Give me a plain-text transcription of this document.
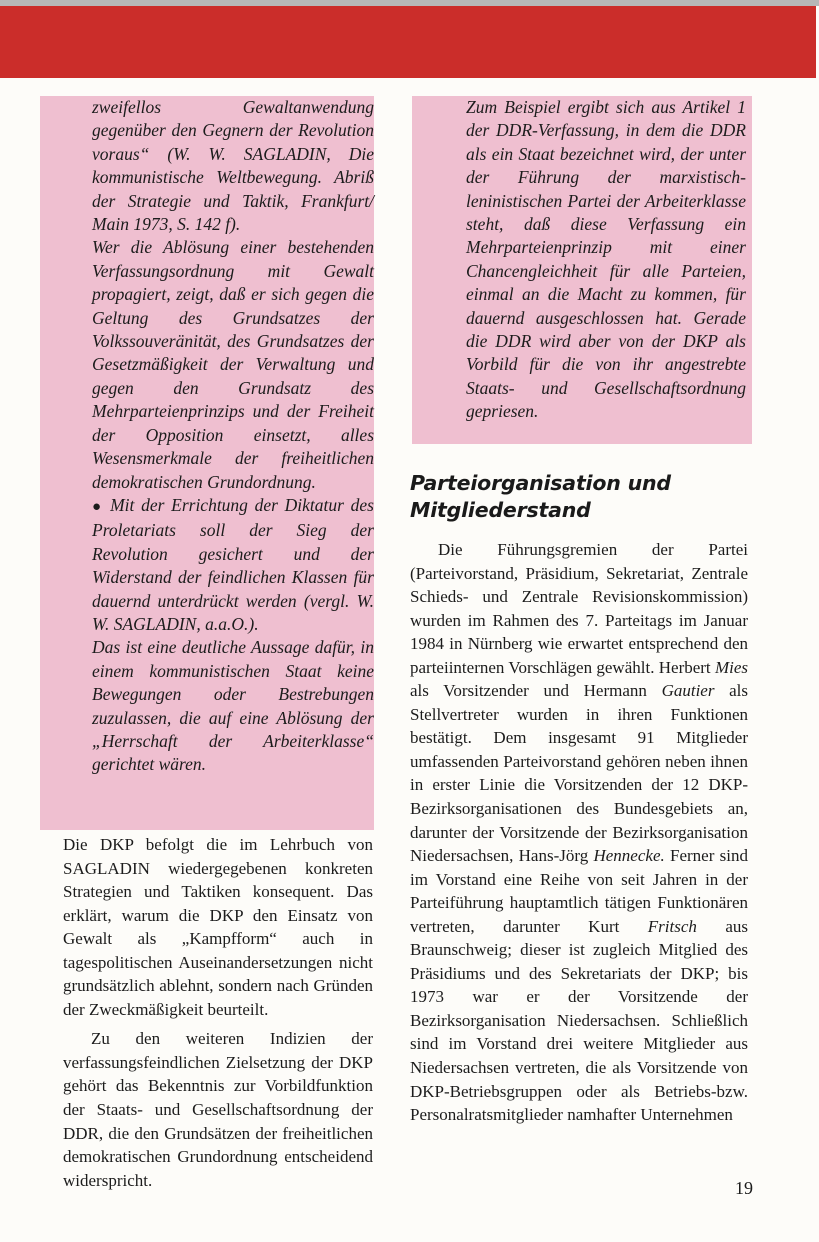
zweifellos Gewaltanwendung gegenüber den Gegnern der Revolution voraus“ (W. W. SAGLADIN, Die kommunistische Weltbewegung. Abriß der Strategie und Taktik, Frankfurt/ Main 1973, S. 142 f).

Wer die Ablösung einer bestehenden Verfassungsordnung mit Gewalt propagiert, zeigt, daß er sich gegen die Geltung des Grundsatzes der Volkssouveränität, des Grundsatzes der Gesetzmäßigkeit der Verwaltung und gegen den Grundsatz des Mehrparteienprinzips und der Freiheit der Opposition einsetzt, alles Wesensmerkmale der freiheitlichen demokratischen Grundordnung.

● Mit der Errichtung der Diktatur des Proletariats soll der Sieg der Revolution gesichert und der Widerstand der feindlichen Klassen für dauernd unterdrückt werden (vergl. W. W. SAGLADIN, a.a.O.).

Das ist eine deutliche Aussage dafür, in einem kommunistischen Staat keine Bewegungen oder Bestrebungen zuzulassen, die auf eine Ablösung der „Herrschaft der Arbeiterklasse“ gerichtet wären.

Die DKP befolgt die im Lehrbuch von SAGLADIN wiedergegebenen konkreten Strategien und Taktiken konsequent. Das erklärt, warum die DKP den Einsatz von Gewalt als „Kampfform“ auch in tagespolitischen Auseinandersetzungen nicht grundsätzlich ablehnt, sondern nach Gründen der Zweckmäßigkeit beurteilt.

Zu den weiteren Indizien der verfassungsfeindlichen Zielsetzung der DKP gehört das Bekenntnis zur Vorbildfunktion der Staats- und Gesellschaftsordnung der DDR, die den Grundsätzen der freiheitlichen demokratischen Grundordnung entscheidend widerspricht.

Zum Beispiel ergibt sich aus Artikel 1 der DDR-Verfassung, in dem die DDR als ein Staat bezeichnet wird, der unter der Führung der marxistisch-leninistischen Partei der Arbeiterklasse steht, daß diese Verfassung ein Mehrparteienprinzip mit einer Chancengleichheit für alle Parteien, einmal an die Macht zu kommen, für dauernd ausgeschlossen hat. Gerade die DDR wird aber von der DKP als Vorbild für die von ihr angestrebte Staats- und Gesellschaftsordnung gepriesen.

Parteiorganisation und Mitgliederstand

Die Führungsgremien der Partei (Parteivorstand, Präsidium, Sekretariat, Zentrale Schieds- und Zentrale Revisionskommission) wurden im Rahmen des 7. Parteitags im Januar 1984 in Nürnberg wie erwartet entsprechend den parteiinternen Vorschlägen gewählt. Herbert Mies als Vorsitzender und Hermann Gautier als Stellvertreter wurden in ihren Funktionen bestätigt. Dem insgesamt 91 Mitglieder umfassenden Parteivorstand gehören neben ihnen in erster Linie die Vorsitzenden der 12 DKP-Bezirksorganisationen des Bundesgebiets an, darunter der Vorsitzende der Bezirksorganisation Niedersachsen, Hans-Jörg Hennecke. Ferner sind im Vorstand eine Reihe von seit Jahren in der Parteiführung hauptamtlich tätigen Funktionären vertreten, darunter Kurt Fritsch aus Braunschweig; dieser ist zugleich Mitglied des Präsidiums und des Sekretariats der DKP; bis 1973 war er der Vorsitzende der Bezirksorganisation Niedersachsen. Schließlich sind im Vorstand drei weitere Mitglieder aus Niedersachsen vertreten, die als Vorsitzende von DKP-Betriebsgruppen oder als Betriebs-bzw. Personalratsmitglieder namhafter Unternehmen

19
